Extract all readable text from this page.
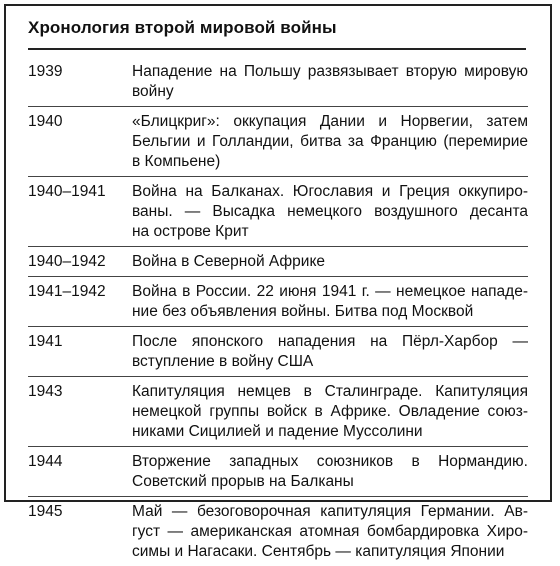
Хронология второй мировой войны
1939	Нападение на Польшу развязывает вторую мировую
войну
1940	«Блицкриг»: оккупация Дании и Норвегии, затем
Бельгии и Голландии, битва за Францию (перемирие
в Компьене)
1940–1941	Война на Балканах. Югославия и Греция оккупиро-
ваны. — Высадка немецкого воздушного десанта
на острове Крит
1940–1942	Война в Северной Африке
1941–1942	Война в России. 22 июня 1941 г. — немецкое нападе-
ние без объявления войны. Битва под Москвой
1941	После японского нападения на Пёрл-Харбор —
вступление в войну США
1943	Капитуляция немцев в Сталинграде. Капитуляция
немецкой группы войск в Африке. Овладение союз-
никами Сицилией и падение Муссолини
1944	Вторжение западных союзников в Нормандию.
Советский прорыв на Балканы
1945	Май — безоговорочная капитуляция Германии. Ав-
густ — американская атомная бомбардировка Хиро-
симы и Нагасаки. Сентябрь — капитуляция Японии
